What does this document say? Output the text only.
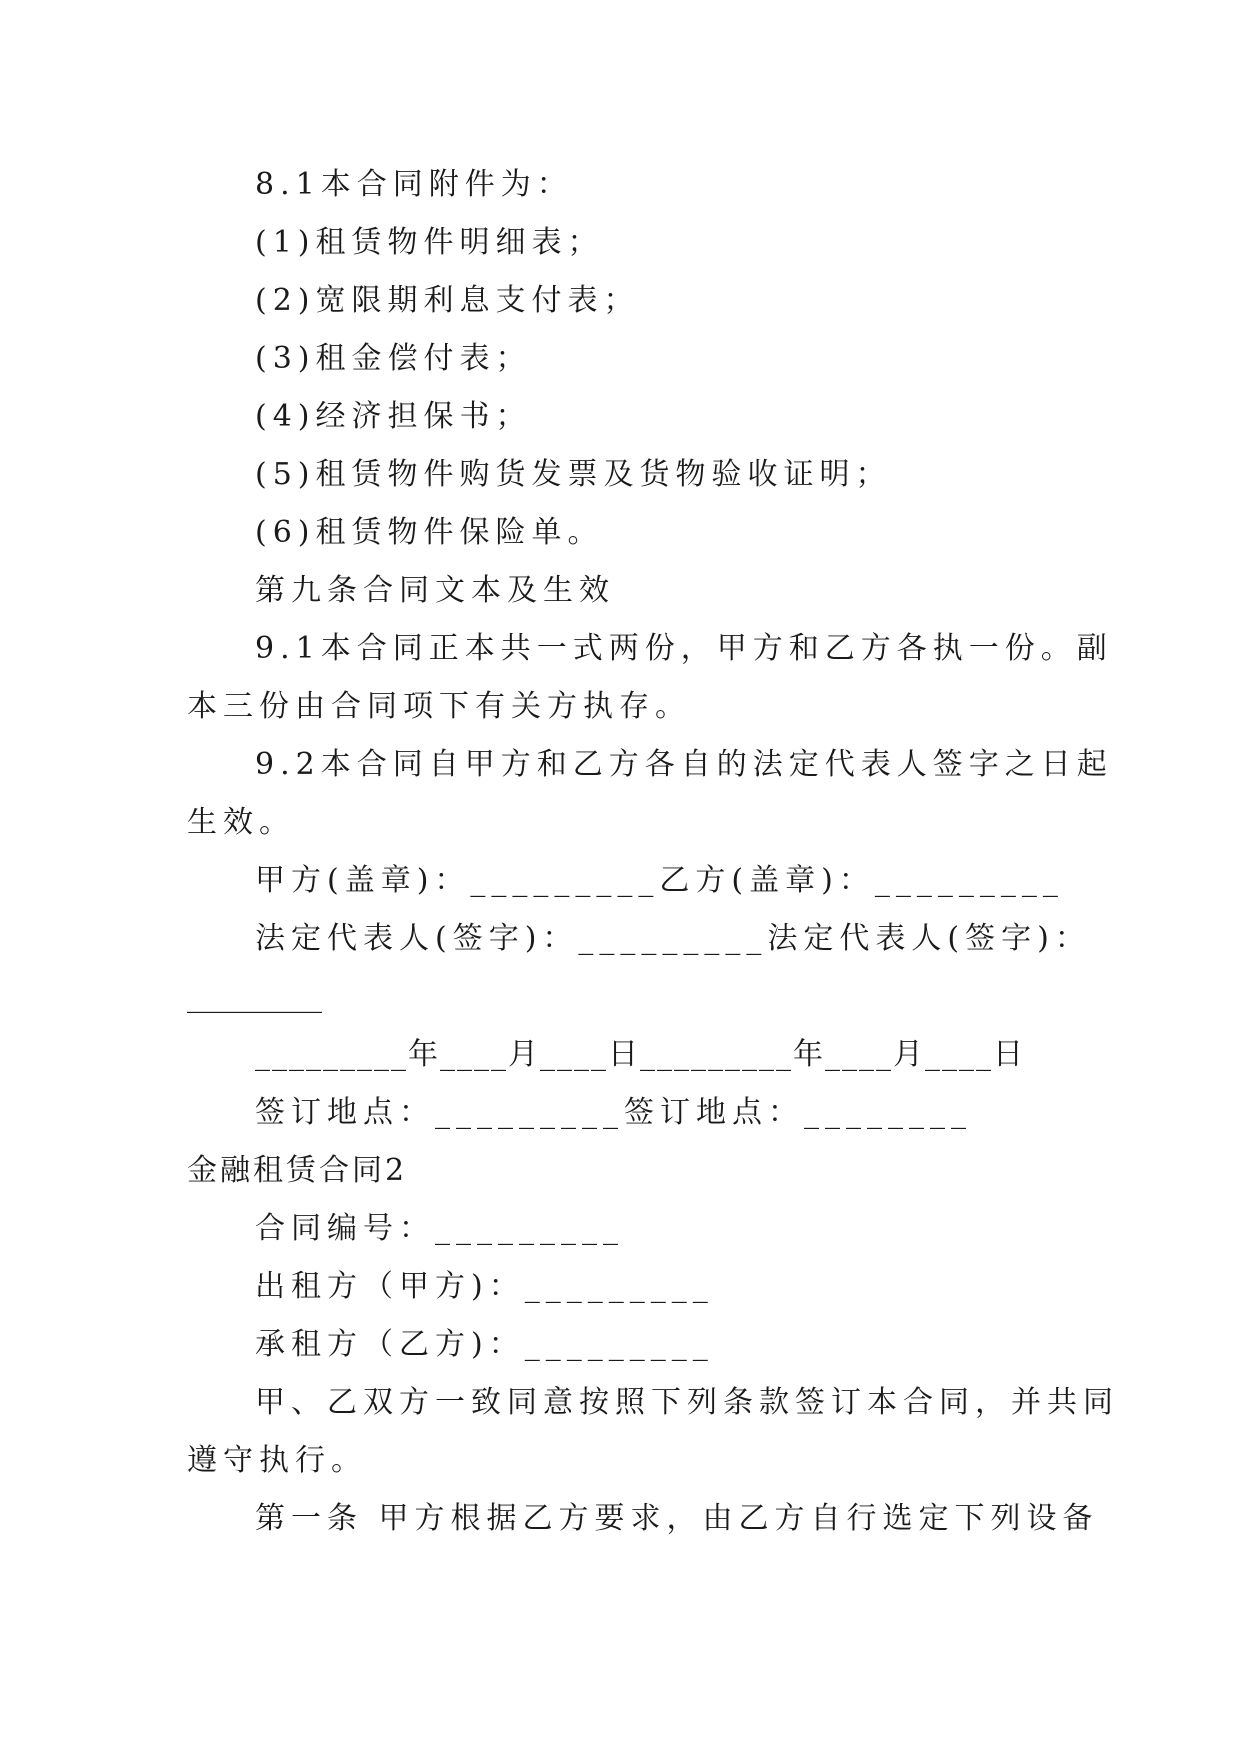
8.1本合同附件为：
(1)租赁物件明细表；
(2)宽限期利息支付表；
(3)租金偿付表；
(4)经济担保书；
(5)租赁物件购货发票及货物验收证明；
(6)租赁物件保险单。
第九条合同文本及生效
9.1本合同正本共一式两份，甲方和乙方各执一份。副
本三份由合同项下有关方执存。
9.2本合同自甲方和乙方各自的法定代表人签字之日起
生效。
甲方(盖章)：_________乙方(盖章)：_________
法定代表人(签字)：_________法定代表人(签字)：
_________
_________年____月____日_________年____月____日
签订地点：_________签订地点：________
金融租赁合同2
合同编号：_________
出租方（甲方)：_________
承租方（乙方)：_________
甲、乙双方一致同意按照下列条款签订本合同，并共同
遵守执行。
第一条 甲方根据乙方要求，由乙方自行选定下列设备
